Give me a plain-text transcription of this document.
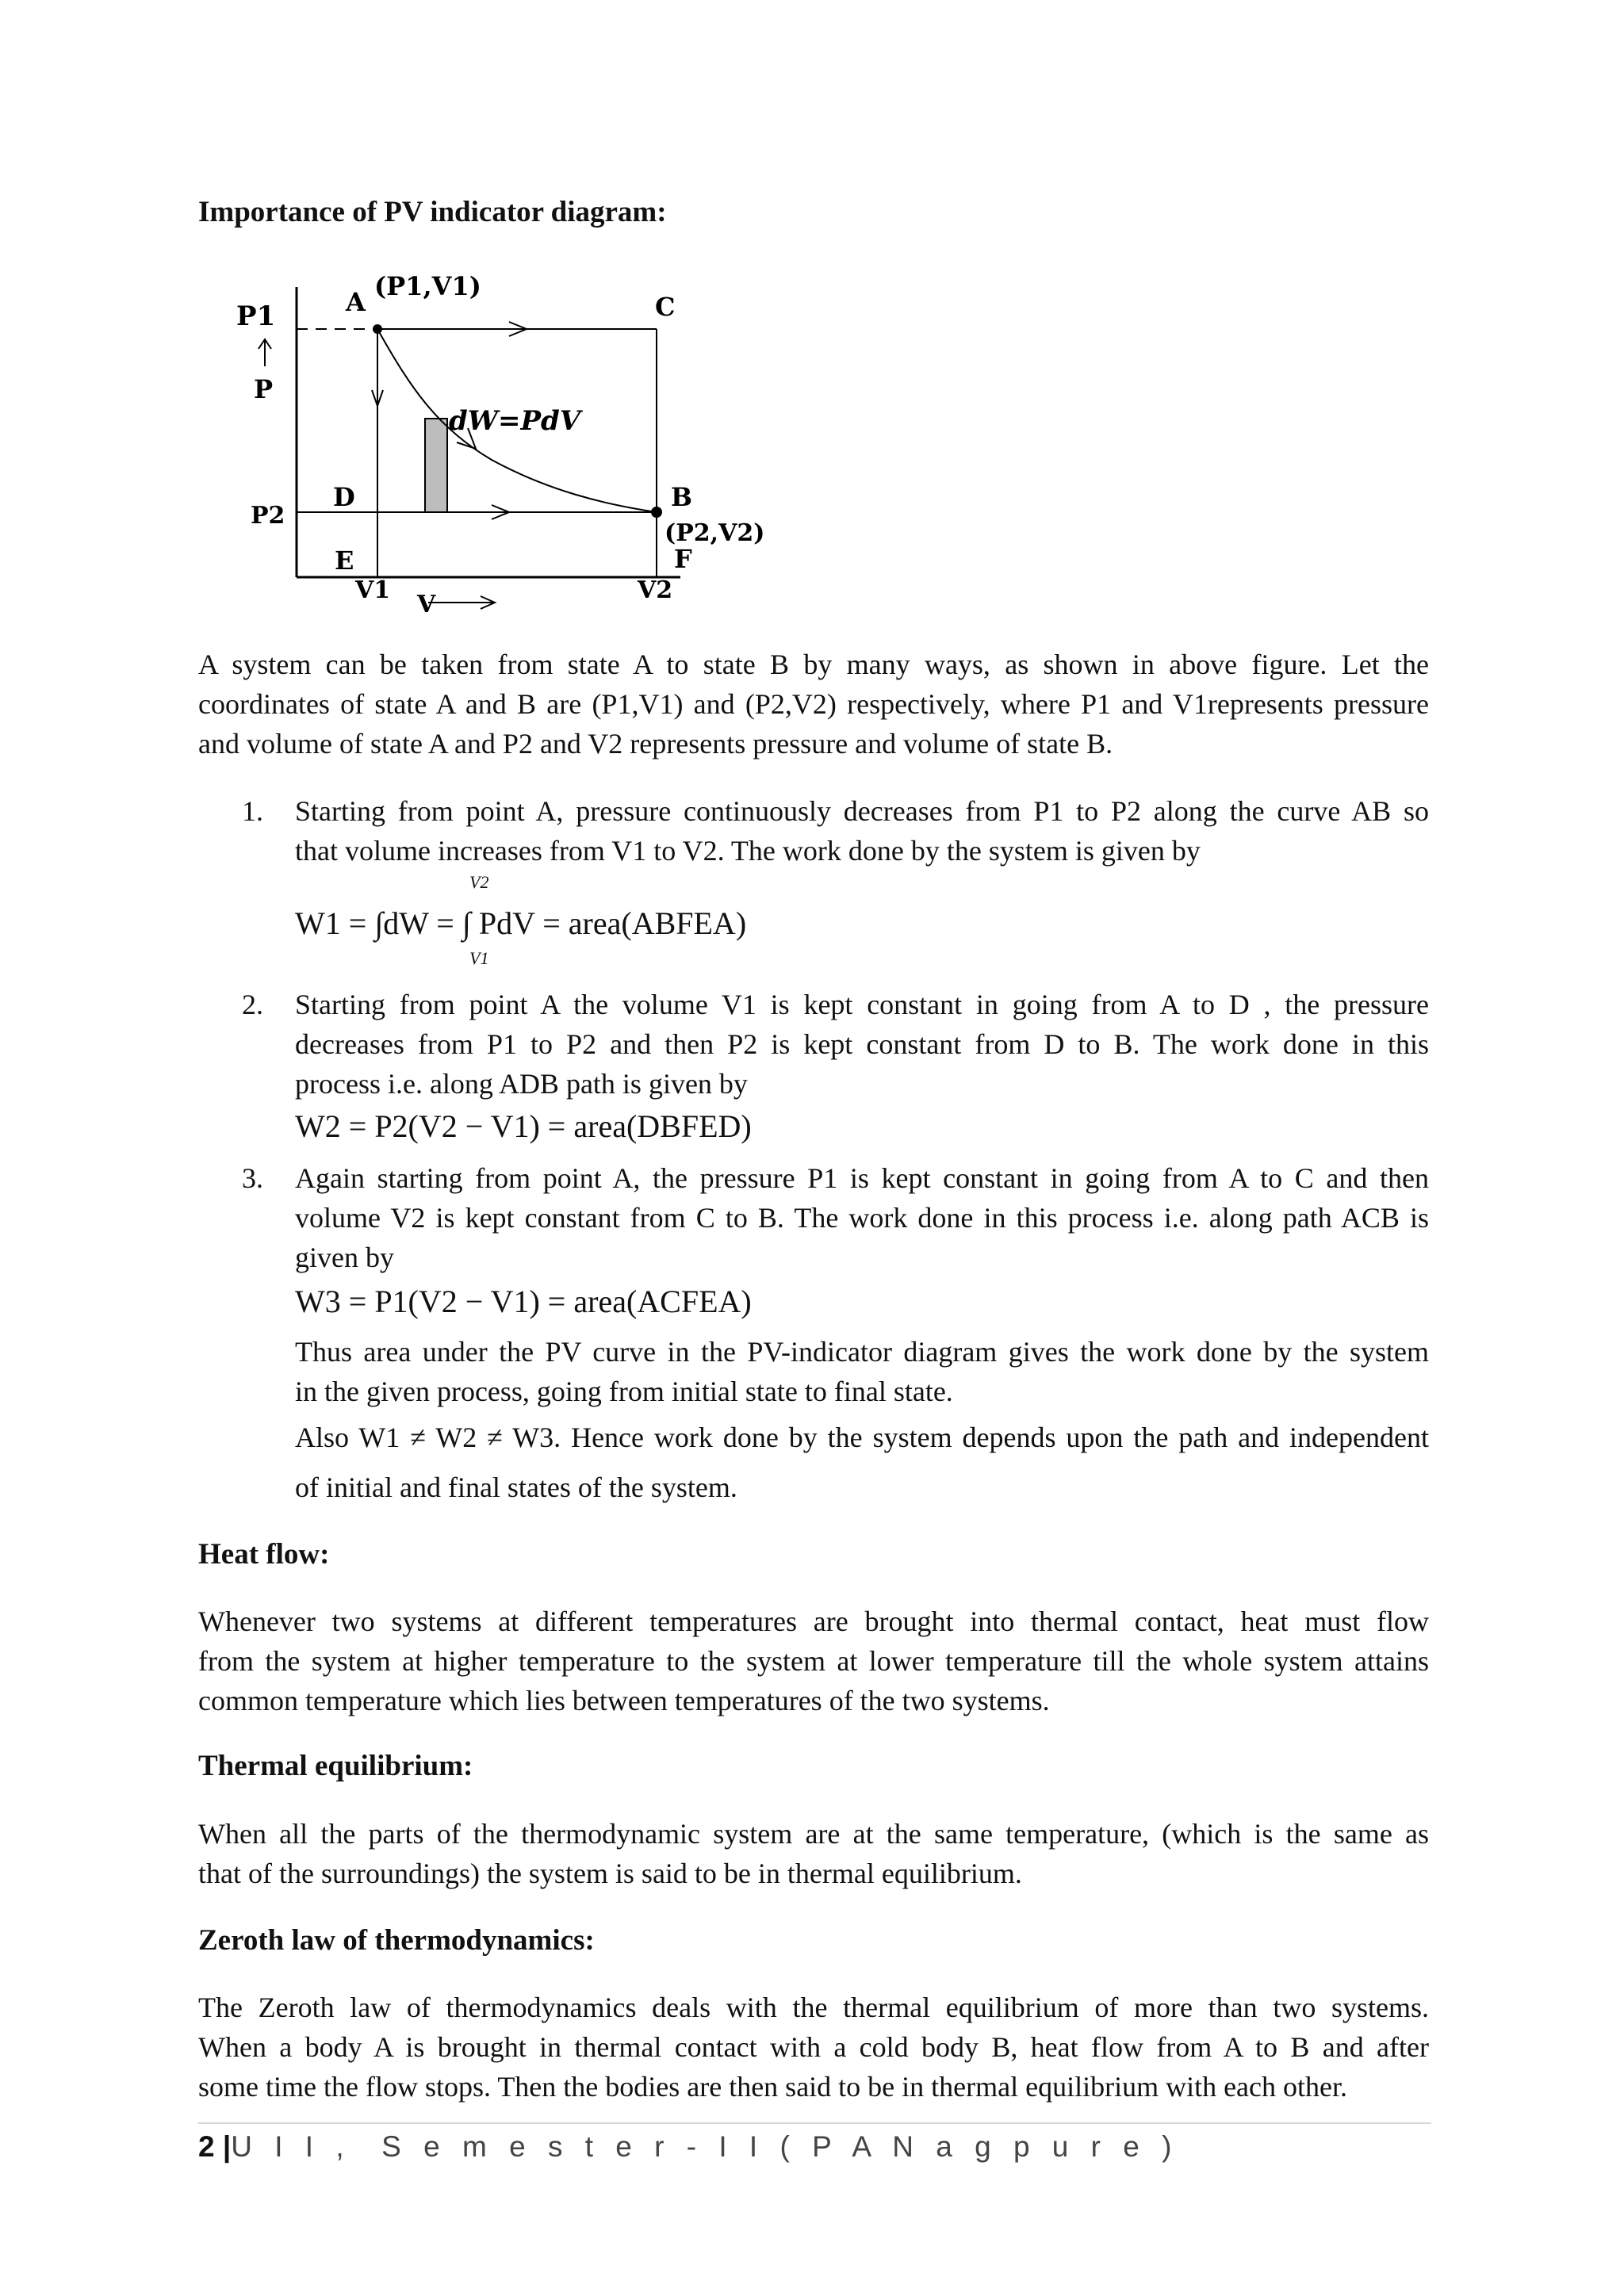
Importance of PV indicator diagram:
P1
P
P2
A
(P1,V1)
C
dW=PdV
D
E
B
(P2,V2)
F
V1
V
V2
A system can be taken from state A to state B by many ways, as shown in above figure. Let the
coordinates of state A and B are (P1,V1) and (P2,V2) respectively, where P1 and V1represents pressure
and volume of state A and P2 and V2 represents pressure and volume of state B.
1. Starting from point A, pressure continuously decreases from P1 to P2 along the curve AB so
that volume increases from V1 to V2. The work done by the system is given by
V2
V1
W1 = ∫dW = ∫ PdV = area(ABFEA)
2. Starting from point A the volume V1 is kept constant in going from A to D , the pressure
decreases from P1 to P2 and then P2 is kept constant from D to B. The work done in this
process i.e. along ADB path is given by
W2 = P2(V2 − V1) = area(DBFED)
3. Again starting from point A, the pressure P1 is kept constant in going from A to C and then
volume V2 is kept constant from C to B. The work done in this process i.e. along path ACB is
given by
W3 = P1(V2 − V1) = area(ACFEA)
Thus area under the PV curve in the PV-indicator diagram gives the work done by the system
in the given process, going from initial state to final state.
Also W1 ≠ W2 ≠ W3. Hence work done by the system depends upon the path and independent
of initial and final states of the system.
Heat flow:
Whenever two systems at different temperatures are brought into thermal contact, heat must flow
from the system at higher temperature to the system at lower temperature till the whole system attains
common temperature which lies between temperatures of the two systems.
Thermal equilibrium:
When all the parts of the thermodynamic system are at the same temperature, (which is the same as
that of the surroundings) the system is said to be in thermal equilibrium.
Zeroth law of thermodynamics:
The Zeroth law of thermodynamics deals with the thermal equilibrium of more than two systems.
When a body A is brought in thermal contact with a cold body B, heat flow from A to B and after
some time the flow stops. Then the bodies are then said to be in thermal equilibrium with each other.
2 |U I I ,  S e m e s t e r - I I ( P A N a g p u r e )
